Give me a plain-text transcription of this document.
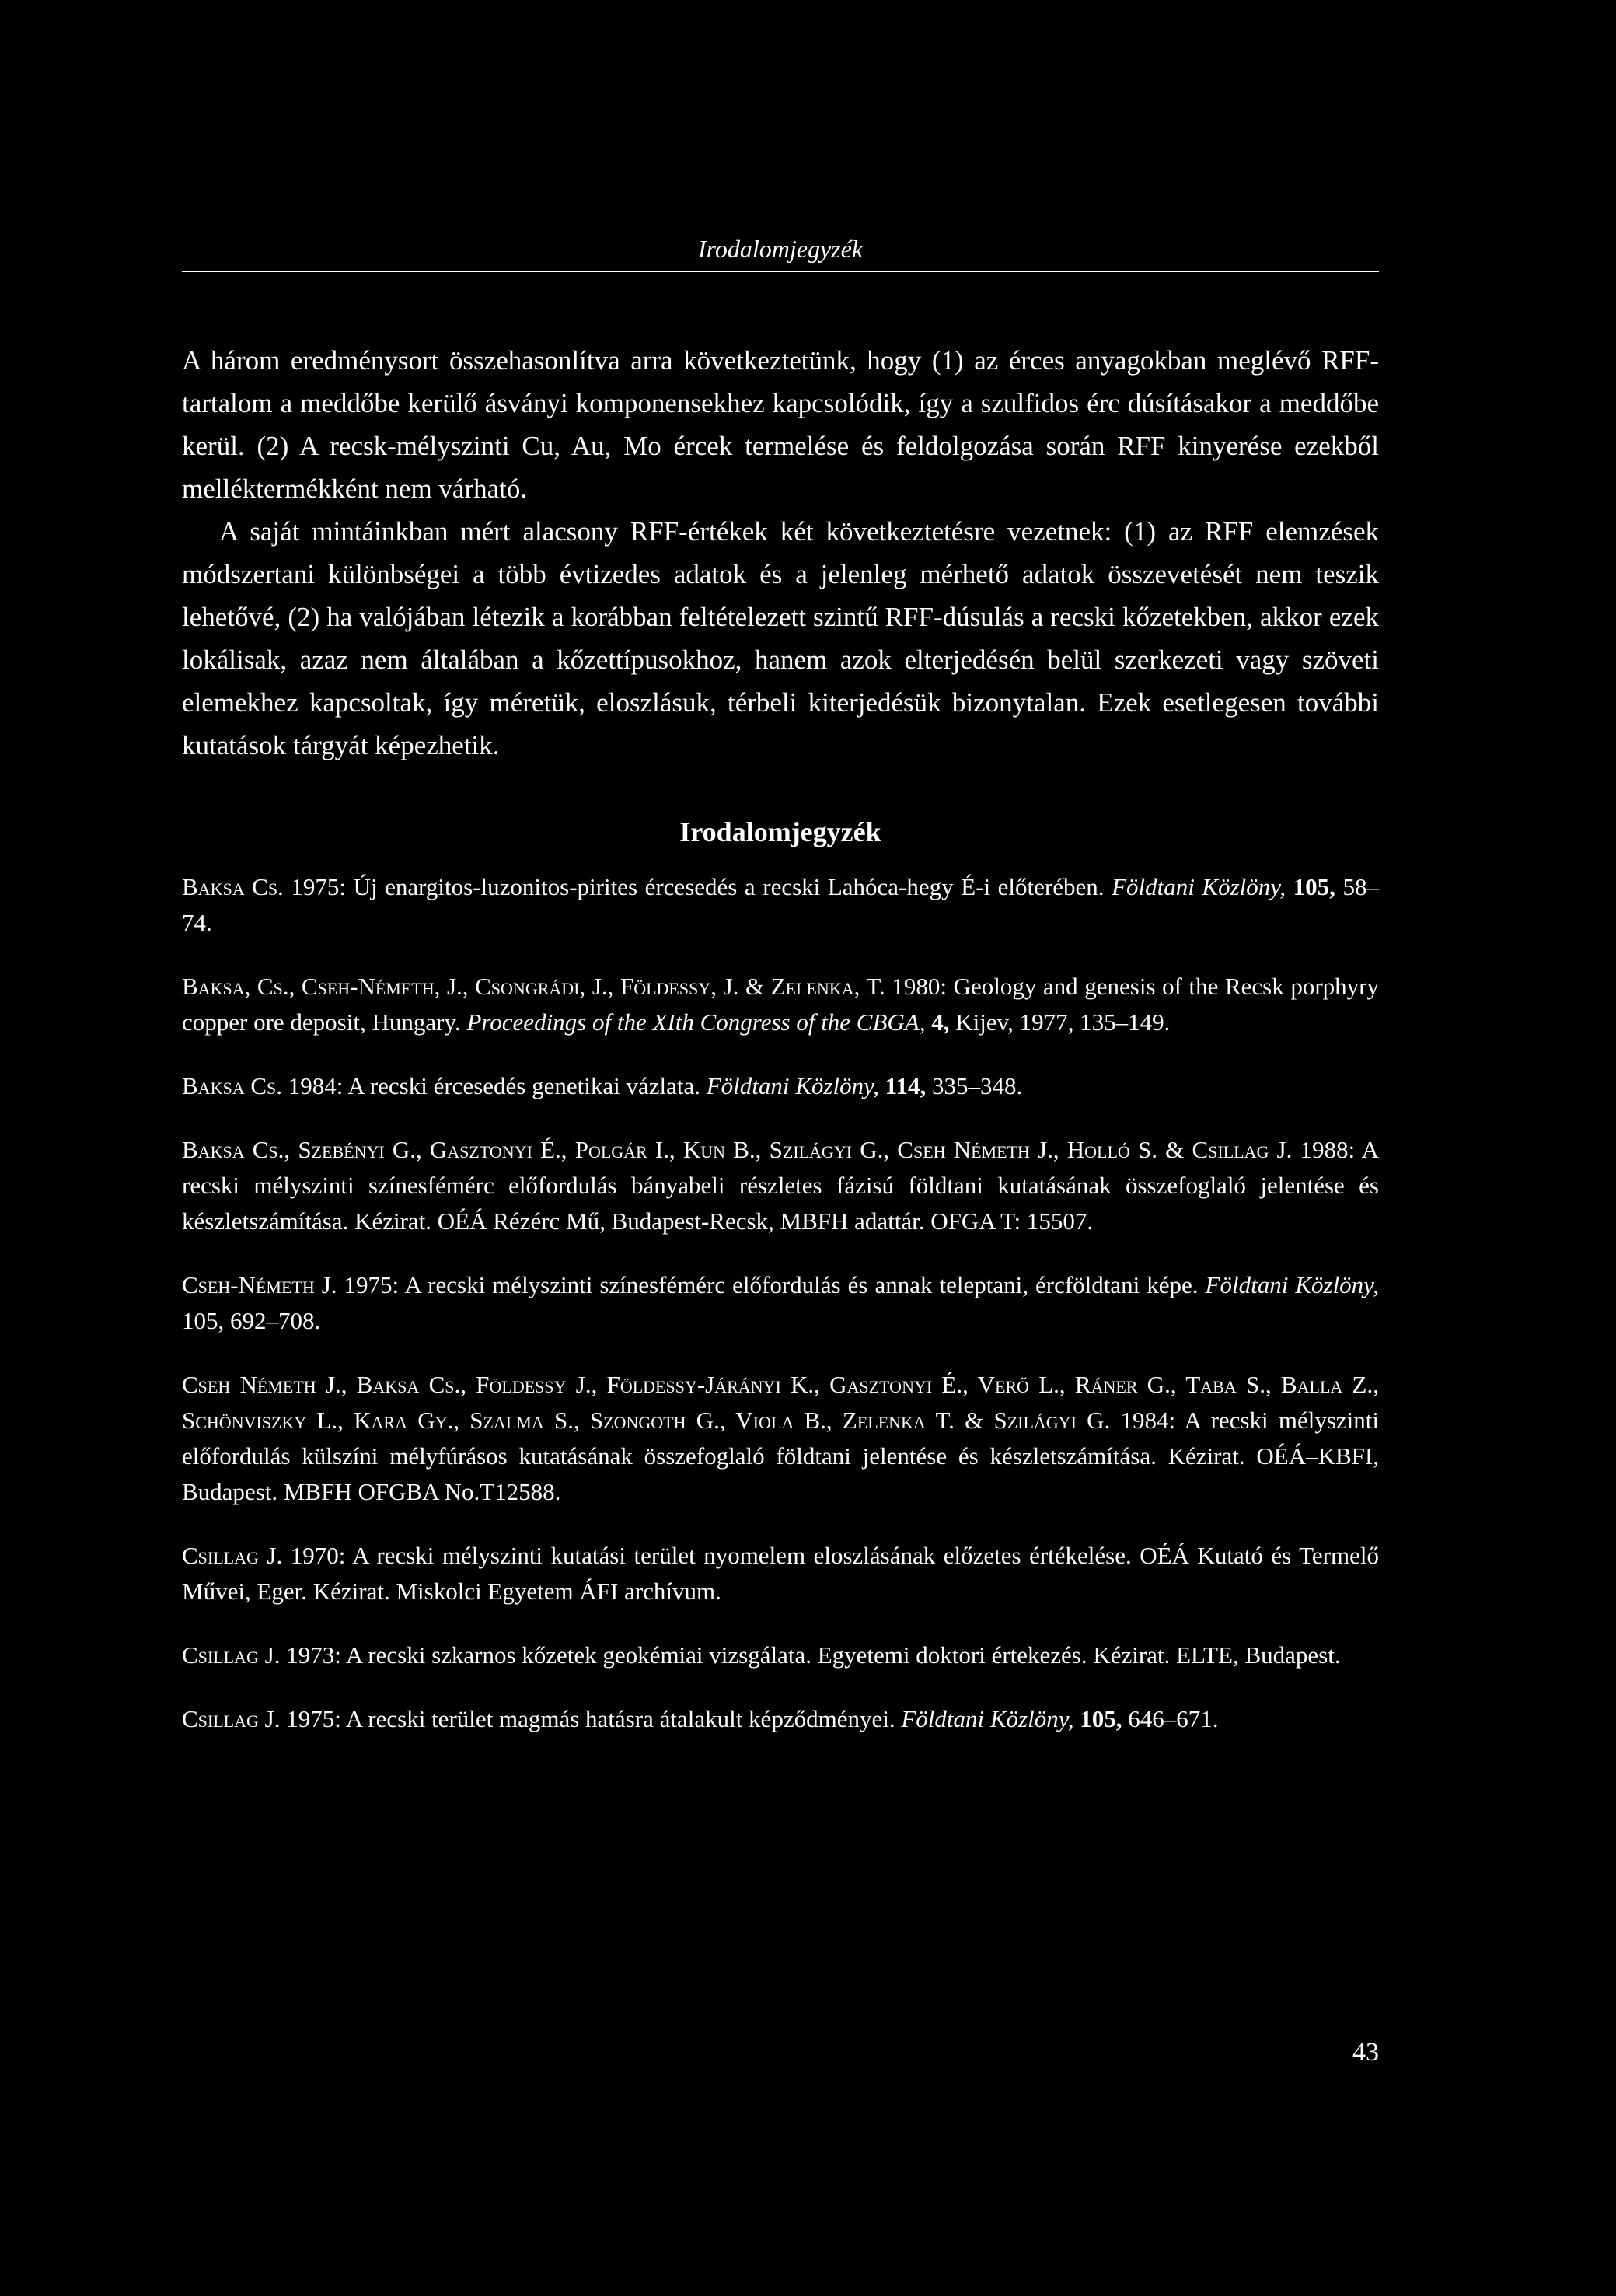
Irodalomjegyzék

A három eredménysort összehasonlítva arra következtetünk, hogy (1) az érces anyagokban meglévő RFF-tartalom a meddőbe kerülő ásványi komponensekhez kapcsolódik, így a szulfidos érc dúsításakor a meddőbe kerül. (2) A recsk-mélyszinti Cu, Au, Mo ércek termelése és feldolgozása során RFF kinyerése ezekből melléktermékként nem várható.

A saját mintáinkban mért alacsony RFF-értékek két következtetésre vezetnek: (1) az RFF elemzések módszertani különbségei a több évtizedes adatok és a jelenleg mérhető adatok összevetését nem teszik lehetővé, (2) ha valójában létezik a korábban feltételezett szintű RFF-dúsulás a recski kőzetekben, akkor ezek lokálisak, azaz nem általában a kőzettípusokhoz, hanem azok elterjedésén belül szerkezeti vagy szöveti elemekhez kapcsoltak, így méretük, eloszlásuk, térbeli kiterjedésük bizonytalan. Ezek esetlegesen további kutatások tárgyát képezhetik.

Irodalomjegyzék

Baksa Cs. 1975: Új enargitos-luzonitos-pirites ércesedés a recski Lahóca-hegy É-i előterében. Földtani Közlöny, 105, 58–74.

Baksa, Cs., Cseh-Németh, J., Csongrádi, J., Földessy, J. & Zelenka, T. 1980: Geology and genesis of the Recsk porphyry copper ore deposit, Hungary. Proceedings of the XIth Congress of the CBGA, 4, Kijev, 1977, 135–149.

Baksa Cs. 1984: A recski ércesedés genetikai vázlata. Földtani Közlöny, 114, 335–348.

Baksa Cs., Szebényi G., Gasztonyi É., Polgár I., Kun B., Szilágyi G., Cseh Németh J., Holló S. & Csillag J. 1988: A recski mélyszinti színesfémérc előfordulás bányabeli részletes fázisú földtani kutatásának összefoglaló jelentése és készletszámítása. Kézirat. OÉÁ Rézérc Mű, Budapest-Recsk, MBFH adattár. OFGA T: 15507.

Cseh-Németh J. 1975: A recski mélyszinti színesfémérc előfordulás és annak teleptani, ércföldtani képe. Földtani Közlöny, 105, 692–708.

Cseh Németh J., Baksa Cs., Földessy J., Földessy-Járányi K., Gasztonyi É., Verő L., Ráner G., Taba S., Balla Z., Schönviszky L., Kara Gy., Szalma S., Szongoth G., Viola B., Zelenka T. & Szilágyi G. 1984: A recski mélyszinti előfordulás külszíni mélyfúrásos kutatásának összefoglaló földtani jelentése és készletszámítása. Kézirat. OÉÁ–KBFI, Budapest. MBFH OFGBA No.T12588.

Csillag J. 1970: A recski mélyszinti kutatási terület nyomelem eloszlásának előzetes értékelése. OÉÁ Kutató és Termelő Művei, Eger. Kézirat. Miskolci Egyetem ÁFI archívum.

Csillag J. 1973: A recski szkarnos kőzetek geokémiai vizsgálata. Egyetemi doktori értekezés. Kézirat. ELTE, Budapest.

Csillag J. 1975: A recski terület magmás hatásra átalakult képződményei. Földtani Közlöny, 105, 646–671.

43
